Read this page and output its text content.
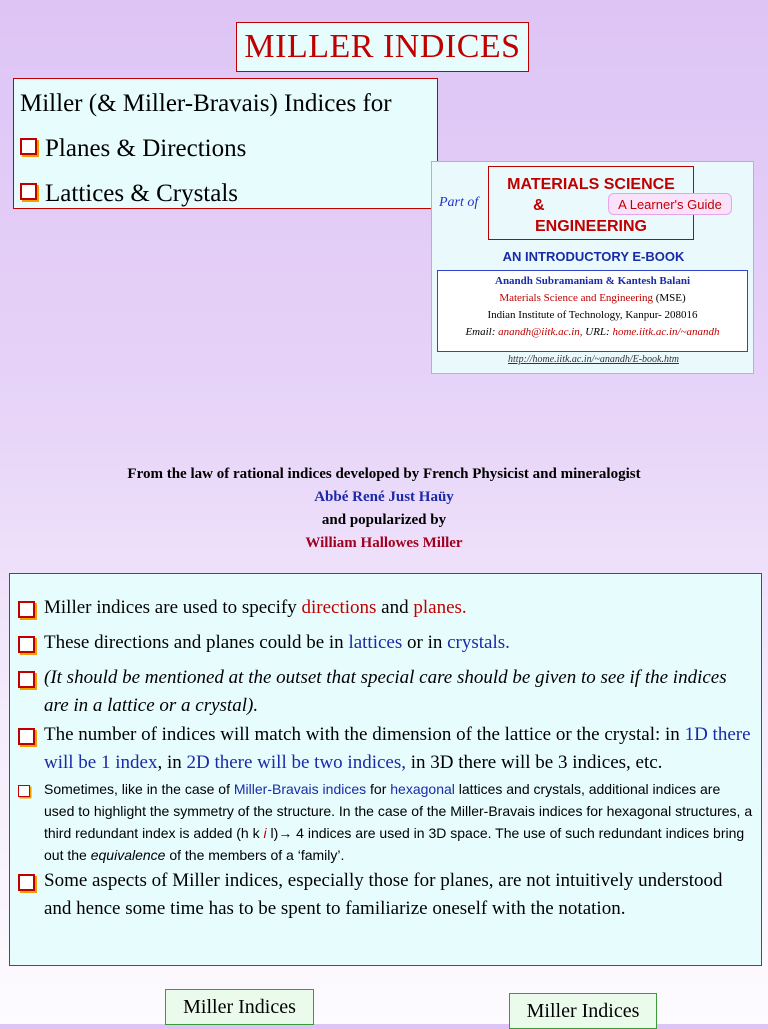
MILLER INDICES
Miller (& Miller-Bravais) Indices for
Planes & Directions
Lattices & Crystals	Part of
MATERIALS SCIENCE
&
ENGINEERING
A Learner's Guide
AN INTRODUCTORY E-BOOK
Anandh Subramaniam & Kantesh Balani
Materials Science and Engineering (MSE)
Indian Institute of Technology, Kanpur- 208016
Email: anandh@iitk.ac.in, URL: home.iitk.ac.in/~anandh
http://home.iitk.ac.in/~anandh/E-book.htm
From the law of rational indices developed by French Physicist and mineralogist
Abbé René Just Haüy
and popularized by
William Hallowes Miller
Miller indices are used to specify directions and planes.
These directions and planes could be in lattices or in crystals.
(It should be mentioned at the outset that special care should be given to see if the indices are in a lattice or a crystal).
The number of indices will match with the dimension of the lattice or the crystal: in 1D there will be 1 index, in 2D there will be two indices, in 3D there will be 3 indices, etc.
Sometimes, like in the case of Miller-Bravais indices for hexagonal lattices and crystals, additional indices are used to highlight the symmetry of the structure. In the case of the Miller-Bravais indices for hexagonal structures, a third redundant index is added (h k i l)→ 4 indices are used in 3D space. The use of such redundant indices bring out the equivalence of the members of a ‘family’.
Some aspects of Miller indices, especially those for planes, are not intuitively understood and hence some time has to be spent to familiarize oneself with the notation.
Miller Indices	Miller Indices
